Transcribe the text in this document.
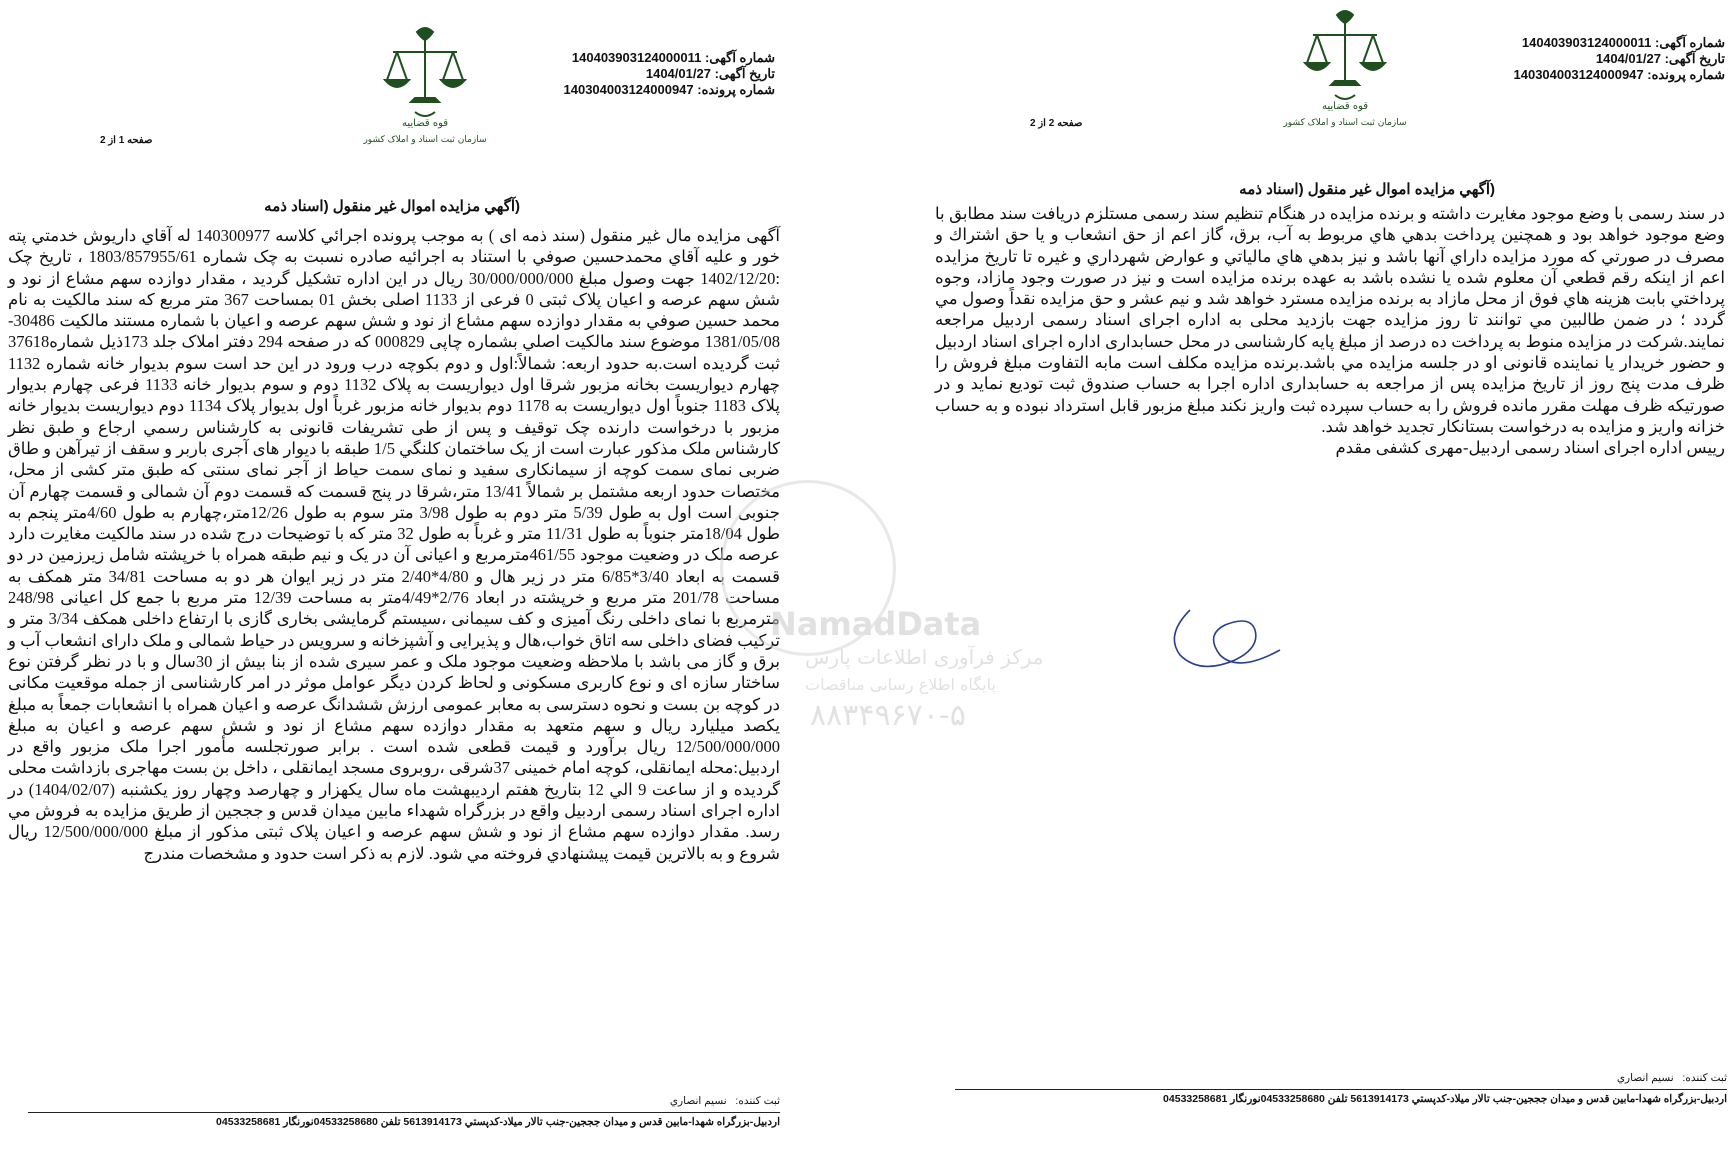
شماره آگهی: 140403903124000011
تاریخ آگهی: 1404/01/27
شماره پرونده: 140304003124000947
قوه قضاییه
سازمان ثبت اسناد و املاک کشور
صفحه 2 از 2
(آگهي مزايده اموال غير منقول (اسناد ذمه
در سند رسمی با وضع موجود مغايرت داشته و برنده مزايده در هنگام تنظيم سند رسمی مستلزم دريافت سند مطابق با وضع موجود خواهد بود و همچنين پرداخت بدهي هاي مربوط به آب، برق، گاز اعم از حق انشعاب و يا حق اشتراك و مصرف در صورتي كه مورد مزايده داراي آنها باشد و نيز بدهي هاي مالياتي و عوارض شهرداري و غيره تا تاريخ مزايده اعم از اينكه رقم قطعي آن معلوم شده يا نشده باشد به عهده برنده مزايده است و نيز در صورت وجود مازاد، وجوه پرداختي بابت هزينه هاي فوق از محل مازاد به برنده مزايده مسترد خواهد شد و نيم عشر و حق مزايده نقداً وصول مي گردد ؛ در ضمن طالبين مي توانند تا روز مزايده جهت بازديد محلی به اداره اجرای اسناد رسمی اردبيل مراجعه نمايند.شركت در مزايده منوط به پرداخت ده درصد از مبلغ پايه كارشناسی در محل حسابداری اداره اجرای اسناد اردبيل و حضور خريدار يا نماينده قانونی او در جلسه مزايده مي باشد.برنده مزايده مكلف است مابه التفاوت مبلغ فروش را ظرف مدت پنج روز از تاريخ مزايده پس از مراجعه به حسابداری اداره اجرا به حساب صندوق ثبت توديع نمايد و در صورتيكه ظرف مهلت مقرر مانده فروش را به حساب سپرده ثبت واريز نكند مبلغ مزبور قابل استرداد نبوده و به حساب خزانه واريز و مزايده به درخواست بستانكار تجديد خواهد شد.
رييس اداره اجرای اسناد رسمی اردبيل-مهری كشفی مقدم
ثبت كننده:   نسيم انصاري
اردبيل-بزرگراه شهدا-مابين قدس و ميدان جججين-جنب تالار ميلاد-كدپستي 5613914173 تلفن 04533258680نورنگار 04533258681
شماره آگهی: 140403903124000011
تاریخ آگهی: 1404/01/27
شماره پرونده: 140304003124000947
قوه قضاییه
سازمان ثبت اسناد و املاک کشور
صفحه 1 از 2
(آگهي مزايده اموال غير منقول (اسناد ذمه
آگهی مزايده مال غير منقول (سند ذمه ای ) به موجب پرونده اجرائي كلاسه 140300977 له آقاي داريوش خدمتي پته خور و عليه آقاي محمدحسين صوفي با استناد به اجرائيه صادره نسبت به چک شماره 1803/857955/61 ، تاريخ چک :1402/12/20 جهت وصول مبلغ 30/000/000/000 ريال در اين اداره تشكيل گرديد ، مقدار دوازده سهم مشاع از نود و شش سهم عرصه و اعيان پلاک ثبتی 0 فرعی از 1133 اصلی بخش 01 بمساحت 367 متر مربع كه سند مالكيت به نام محمد حسين صوفي به مقدار دوازده سهم مشاع از نود و شش سهم عرصه و اعيان با شماره مستند مالكيت 30486-1381/05/08 موضوع سند مالكيت اصلي بشماره چاپی 000829 كه در صفحه 294 دفتر املاک جلد 173ذيل شماره37618 ثبت گرديده است.به حدود اربعه: شمالاً:اول و دوم بكوچه درب ورود در اين حد است سوم بديوار خانه شماره 1132 چهارم ديواريست بخانه مزبور شرقا اول ديواريست به پلاک 1132 دوم و سوم بديوار خانه 1133 فرعی چهارم بديوار پلاک 1183 جنوباً اول ديواريست به 1178 دوم بديوار خانه مزبور غرباً اول بديوار پلاک 1134 دوم ديواريست بديوار خانه مزبور با درخواست دارنده چک توقيف و پس از طی تشريفات قانونی به كارشناس رسمي ارجاع و طبق نظر كارشناس ملک مذكور عبارت است از يک ساختمان كلنگي 1/5 طبقه با ديوار های آجری باربر و سقف از تيرآهن و طاق ضربی نمای سمت كوچه از سيمانكاری سفيد و نمای سمت حياط از آجر نمای سنتی كه طبق متر كشی از محل، مختصات حدود اربعه مشتمل بر شمالاً 13/41 متر،شرقا در پنج قسمت كه قسمت دوم آن شمالی و قسمت چهارم آن جنوبی است اول به طول 5/39 متر دوم به طول 3/98 متر سوم به طول 12/26متر،چهارم به طول 4/60متر پنجم به طول 18/04متر جنوباً به طول 11/31 متر و غرباً به طول 32 متر كه با توضيحات درج شده در سند مالكيت مغايرت دارد عرصه ملک در وضعيت موجود 461/55مترمربع و اعيانی آن در يک و نيم طبقه همراه با خرپشته شامل زيرزمين در دو قسمت به ابعاد 3/40*6/85 متر در زير هال و 4/80*2/40 متر در زير ايوان هر دو به مساحت 34/81 متر همكف به مساحت 201/78 متر مربع و خرپشته در ابعاد 2/76*4/49متر به مساحت 12/39 متر مربع با جمع كل اعيانی 248/98 مترمربع با نمای داخلی رنگ آميزی و كف سيمانی ،سيستم گرمايشی بخاری گازی با ارتفاع داخلی همكف 3/34 متر و تركيب فضای داخلی سه اتاق خواب،هال و پذيرايی و آشپزخانه و سرويس در حياط شمالی و ملک دارای انشعاب آب و برق و گاز می باشد با ملاحظه وضعيت موجود ملک و عمر سيری شده از بنا بيش از 30سال و با در نظر گرفتن نوع ساختار سازه ای و نوع كاربری مسكونی و لحاظ كردن ديگر عوامل موثر در امر كارشناسی از جمله موقعيت مكانی در كوچه بن بست و نحوه دسترسی به معابر عمومی ارزش ششدانگ عرصه و اعيان همراه با انشعابات جمعاً به مبلغ يكصد ميليارد ريال و سهم متعهد به مقدار دوازده سهم مشاع از نود و شش سهم عرصه و اعيان به مبلغ 12/500/000/000 ريال برآورد و قيمت قطعی شده است . برابر صورتجلسه مأمور اجرا ملک مزبور واقع در اردبيل:محله ايمانقلی، كوچه امام خمينی 37شرقی ،روبروی مسجد ايمانقلی ، داخل بن بست مهاجری بازداشت محلی گرديده و از ساعت 9 الي 12 بتاريخ هفتم ارديبهشت ماه سال يكهزار و چهارصد وچهار روز يكشنبه (1404/02/07) در اداره اجرای اسناد رسمی اردبيل واقع در بزرگراه شهداء مابين ميدان قدس و جججين از طريق مزايده به فروش مي رسد. مقدار دوازده سهم مشاع از نود و شش سهم عرصه و اعيان پلاک ثبتی مذكور از مبلغ 12/500/000/000 ريال شروع و به بالاترين قيمت پيشنهادي فروخته مي شود. لازم به ذكر است حدود و مشخصات مندرج
ثبت كننده:   نسيم انصاري
اردبيل-بزرگراه شهدا-مابين قدس و ميدان جججين-جنب تالار ميلاد-كدپستي 5613914173 تلفن 04533258680نورنگار 04533258681
NamadData
مرکز فرآوری اطلاعات پارس
پایگاه اطلاع رسانی مناقصات
۸۸۳۴۹۶۷۰-۵
